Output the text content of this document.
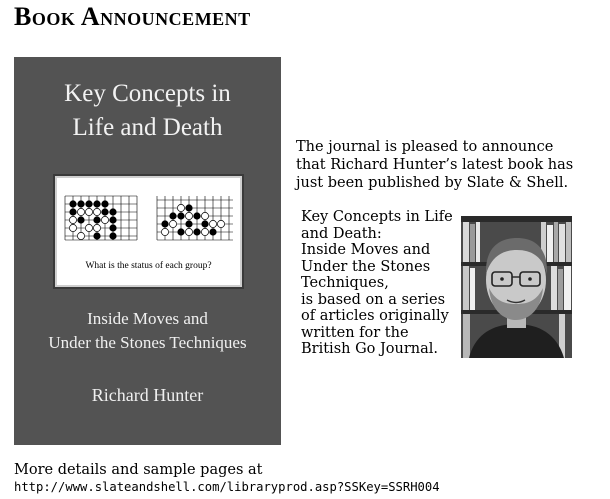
Book Announcement
Key Concepts in
Life and Death
What is the status of each group?
Inside Moves and
Under the Stones Techniques
Richard Hunter

The journal is pleased to announce
that Richard Hunter’s latest book has
just been published by Slate & Shell.

Key Concepts in Life
and Death:
Inside Moves and
Under the Stones
Techniques,
is based on a series
of articles originally
written for the
British Go Journal.

More details and sample pages at
http://www.slateandshell.com/libraryprod.asp?SSKey=SSRH004
